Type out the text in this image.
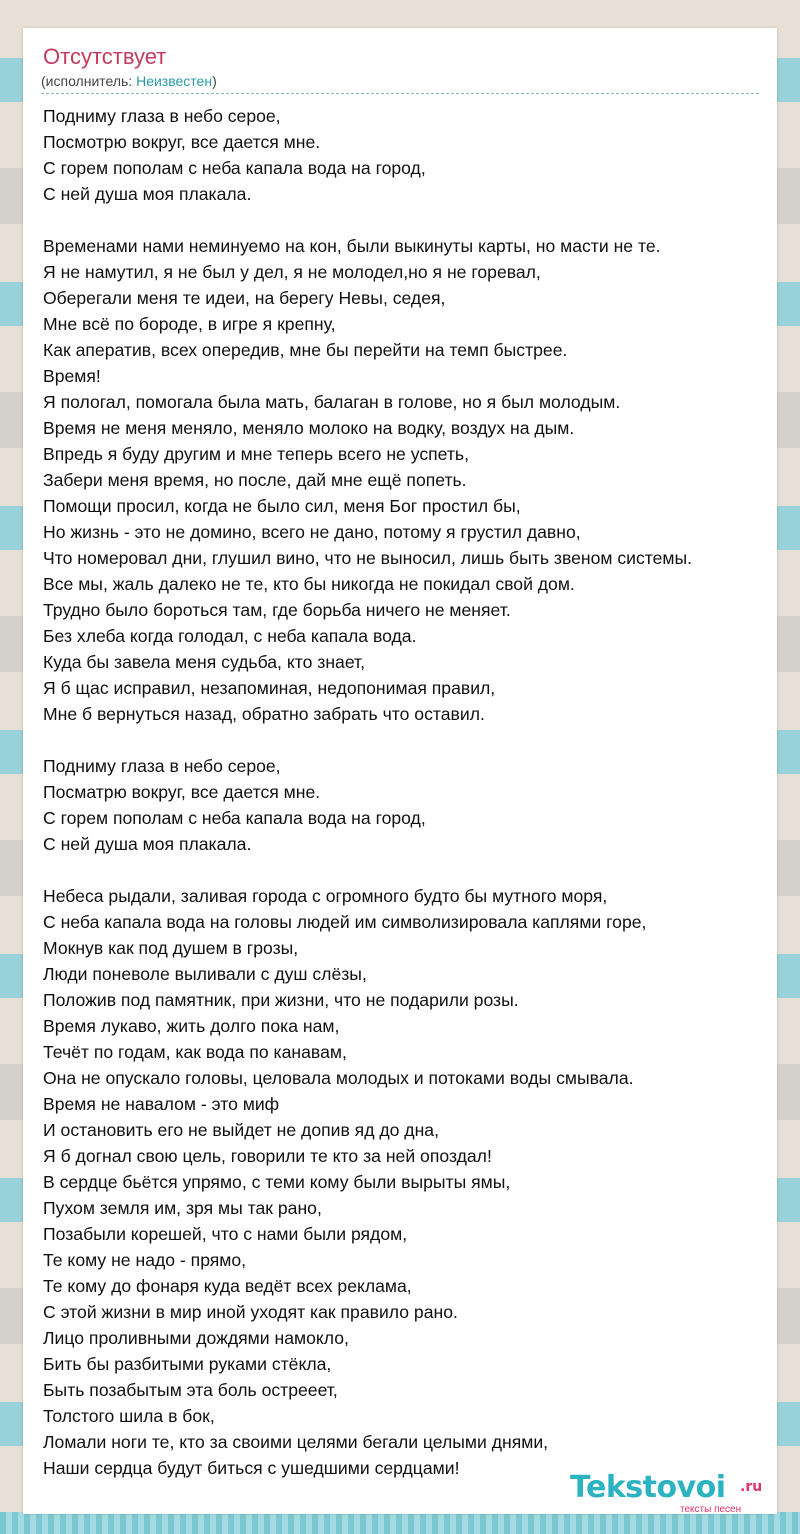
Отсутствует
(исполнитель: Неизвестен)
Подниму глаза в небо серое,
Посмотрю вокруг, все дается мне.
С горем пополам с неба капала вода на город,
С ней душа моя плакала.
Временами нами неминуемо на кон, были выкинуты карты, но масти не те.
Я не намутил, я не был у дел, я не молодел,но я не горевал,
Оберегали меня те идеи, на берегу Невы, седея,
Мне всё по бороде, в игре я крепну,
Как аператив, всех опередив, мне бы перейти на темп быстрее.
Время!
Я пологал, помогала была мать, балаган в голове, но я был молодым.
Время не меня меняло, меняло молоко на водку, воздух на дым.
Впредь я буду другим и мне теперь всего не успеть,
Забери меня время, но после, дай мне ещё попеть.
Помощи просил, когда не было сил, меня Бог простил бы,
Но жизнь - это не домино, всего не дано, потому я грустил давно,
Что номеровал дни, глушил вино, что не выносил, лишь быть звеном системы.
Все мы, жаль далеко не те, кто бы никогда не покидал свой дом.
Трудно было бороться там, где борьба ничего не меняет.
Без хлеба когда голодал, с неба капала вода.
Куда бы завела меня судьба, кто знает,
Я б щас исправил, незапоминая, недопонимая правил,
Мне б вернуться назад, обратно забрать что оставил.
Подниму глаза в небо серое,
Посматрю вокруг, все дается мне.
С горем пополам с неба капала вода на город,
С ней душа моя плакала.
Небеса рыдали, заливая города с огромного будто бы мутного моря,
С неба капала вода на головы людей им символизировала каплями горе,
Мокнув как под душем в грозы,
Люди поневоле выливали с душ слёзы,
Положив под памятник, при жизни, что не подарили розы.
Время лукаво, жить долго пока нам,
Течёт по годам, как вода по канавам,
Она не опускало головы, целовала молодых и потоками воды смывала.
Время не навалом - это миф
И остановить его не выйдет не допив яд до дна,
Я б догнал свою цель, говорили те кто за ней опоздал!
В сердце бьётся упрямо, с теми кому были вырыты ямы,
Пухом земля им, зря мы так рано,
Позабыли корешей, что с нами были рядом,
Те кому не надо - прямо,
Те кому до фонаря куда ведёт всех реклама,
С этой жизни в мир иной уходят как правило рано.
Лицо проливными дождями намокло,
Бить бы разбитыми руками стёкла,
Быть позабытым эта боль острееет,
Толстого шила в бок,
Ломали ноги те, кто за своими целями бегали целыми днями,
Наши сердца будут биться с ушедшими сердцами!
Tekstovoi .ru
тексты песен
